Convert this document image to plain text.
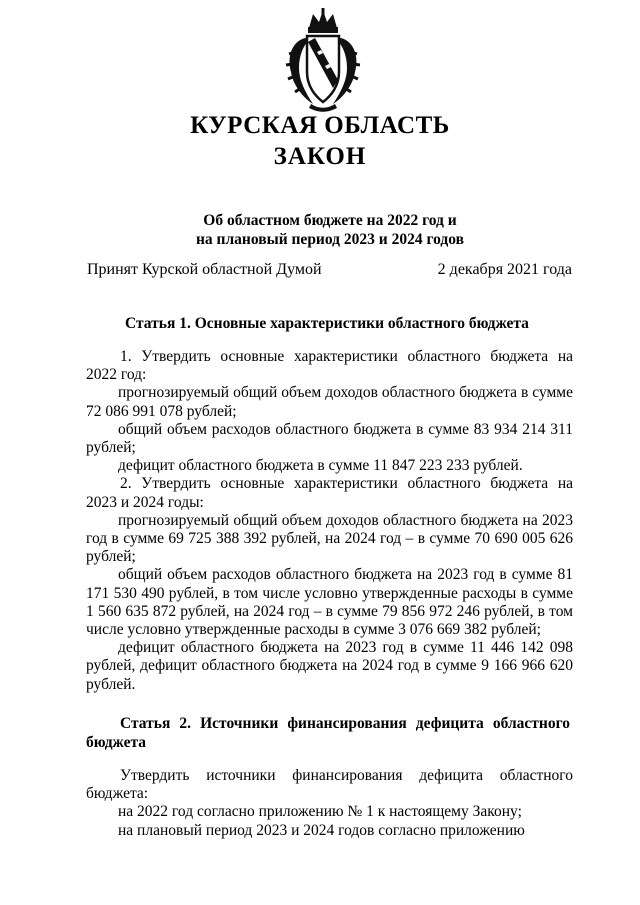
КУРСКАЯ ОБЛАСТЬ
ЗАКОН
Об областном бюджете на 2022 год и
на плановый период 2023 и 2024 годов
Принят Курской областной Думой	2 декабря 2021 года
Статья 1. Основные характеристики областного бюджета

1. Утвердить основные характеристики областного бюджета на 2022 год:

прогнозируемый общий объем доходов областного бюджета в сумме 72 086 991 078 рублей;

общий объем расходов областного бюджета в сумме 83 934 214 311 рублей;

дефицит областного бюджета в сумме 11 847 223 233 рублей.

2. Утвердить основные характеристики областного бюджета на 2023 и 2024 годы:

прогнозируемый общий объем доходов областного бюджета на 2023 год в сумме 69 725 388 392 рублей, на 2024 год – в сумме 70 690 005 626 рублей;

общий объем расходов областного бюджета на 2023 год в сумме 81 171 530 490 рублей, в том числе условно утвержденные расходы в сумме 1 560 635 872 рублей, на 2024 год – в сумме 79 856 972 246 рублей, в том числе условно утвержденные расходы в сумме 3 076 669 382 рублей;

дефицит областного бюджета на 2023 год в сумме 11 446 142 098 рублей, дефицит областного бюджета на 2024 год в сумме 9 166 966 620 рублей.

Статья 2. Источники финансирования дефицита областного
бюджета

Утвердить источники финансирования дефицита областного бюджета:

на 2022 год согласно приложению № 1 к настоящему Закону;

на плановый период 2023 и 2024 годов согласно приложению
